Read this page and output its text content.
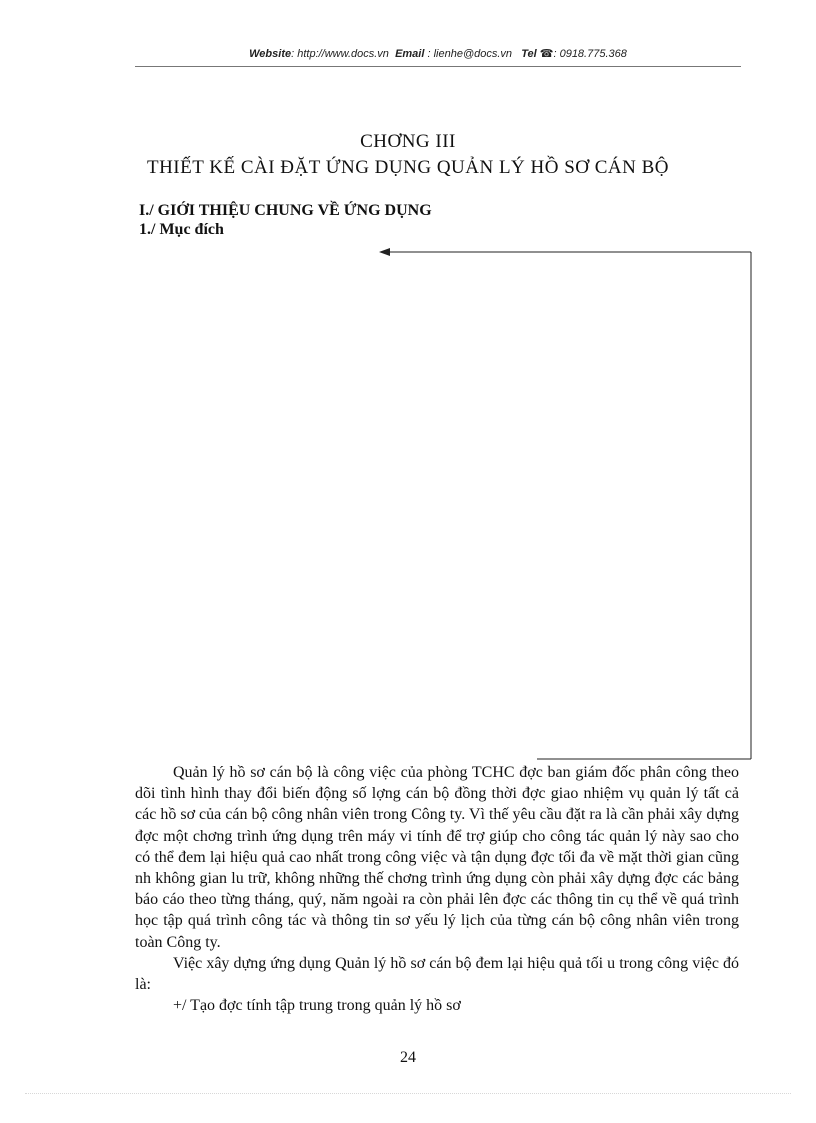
Website: http://www.docs.vn Email : lienhe@docs.vn Tel ☎: 0918.775.368
CHƠNG III
THIẾT KẾ CÀI ĐẶT ỨNG DỤNG QUẢN LÝ HỒ SƠ CÁN BỘ
I./ GIỚI THIỆU CHUNG VỀ ỨNG DỤNG
1./ Mục đích

Quản lý hồ sơ cán bộ là công việc của phòng TCHC đợc ban giám đốc phân công theo dõi tình hình thay đổi biến động số lợng cán bộ đồng thời đợc giao nhiệm vụ quản lý tất cả các hồ sơ của cán bộ công nhân viên trong Công ty. Vì thế yêu cầu đặt ra là cần phải xây dựng đợc một chơng trình ứng dụng trên máy vi tính để trợ giúp cho công tác quản lý này sao cho có thể đem lại hiệu quả cao nhất trong công việc và tận dụng đợc tối đa về mặt thời gian cũng nh không gian lu trữ, không những thế chơng trình ứng dụng còn phải xây dựng đợc các bảng báo cáo theo từng tháng, quý, năm ngoài ra còn phải lên đợc các thông tin cụ thể về quá trình học tập quá trình công tác và thông tin sơ yếu lý lịch của từng cán bộ công nhân viên trong toàn Công ty.

Việc xây dựng ứng dụng Quản lý hồ sơ cán bộ đem lại hiệu quả tối u trong công việc đó là:

+/ Tạo đợc tính tập trung trong quản lý hồ sơ

24
